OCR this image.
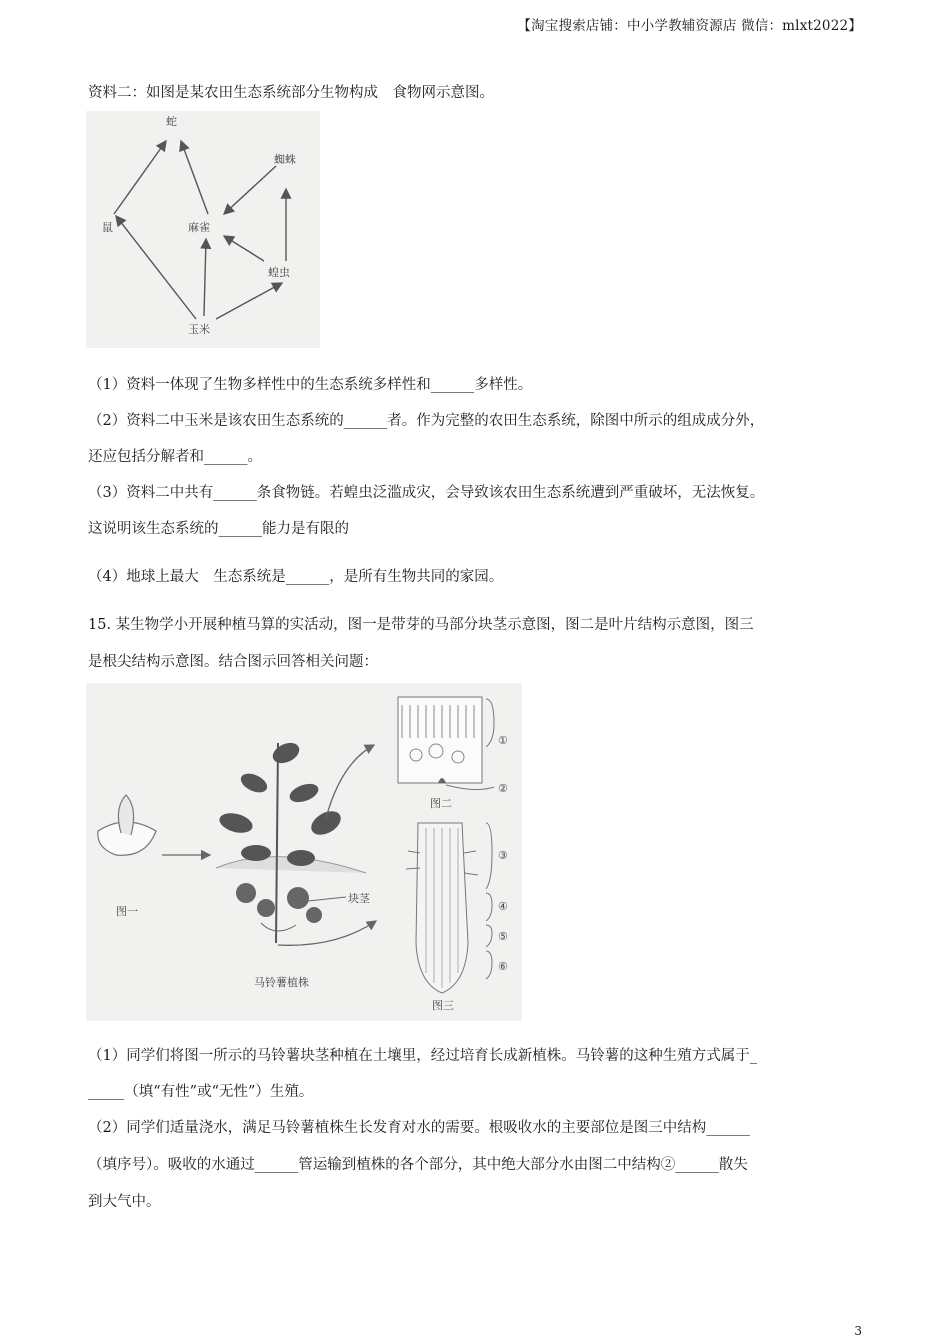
【淘宝搜索店铺：中小学教辅资源店 微信：mlxt2022】
资料二：如图是某农田生态系统部分生物构成　食物网示意图。
蛇
蜘蛛
鼠	麻雀
蝗虫
玉米
（1）资料一体现了生物多样性中的生态系统多样性和______多样性。
（2）资料二中玉米是该农田生态系统的______者。作为完整的农田生态系统，除图中所示的组成成分外，
还应包括分解者和______。
（3）资料二中共有______条食物链。若蝗虫泛滥成灾，会导致该农田生态系统遭到严重破坏，无法恢复。
这说明该生态系统的______能力是有限的
（4）地球上最大　生态系统是______，是所有生物共同的家园。
15. 某生物学小开展种植马算的实活动，图一是带芽的马部分块茎示意图，图二是叶片结构示意图，图三
是根尖结构示意图。结合图示回答相关问题：
图一
块茎
马铃薯植株
①
②
图二
③
④
⑤
⑥
图三
（1）同学们将图一所示的马铃薯块茎种植在土壤里，经过培育长成新植株。马铃薯的这种生殖方式属于_
_____（填“有性”或“无性”）生殖。
（2）同学们适量浇水，满足马铃薯植株生长发育对水的需要。根吸收水的主要部位是图三中结构______
（填序号）。吸收的水通过______管运输到植株的各个部分，其中绝大部分水由图二中结构②______散失
到大气中。
3
